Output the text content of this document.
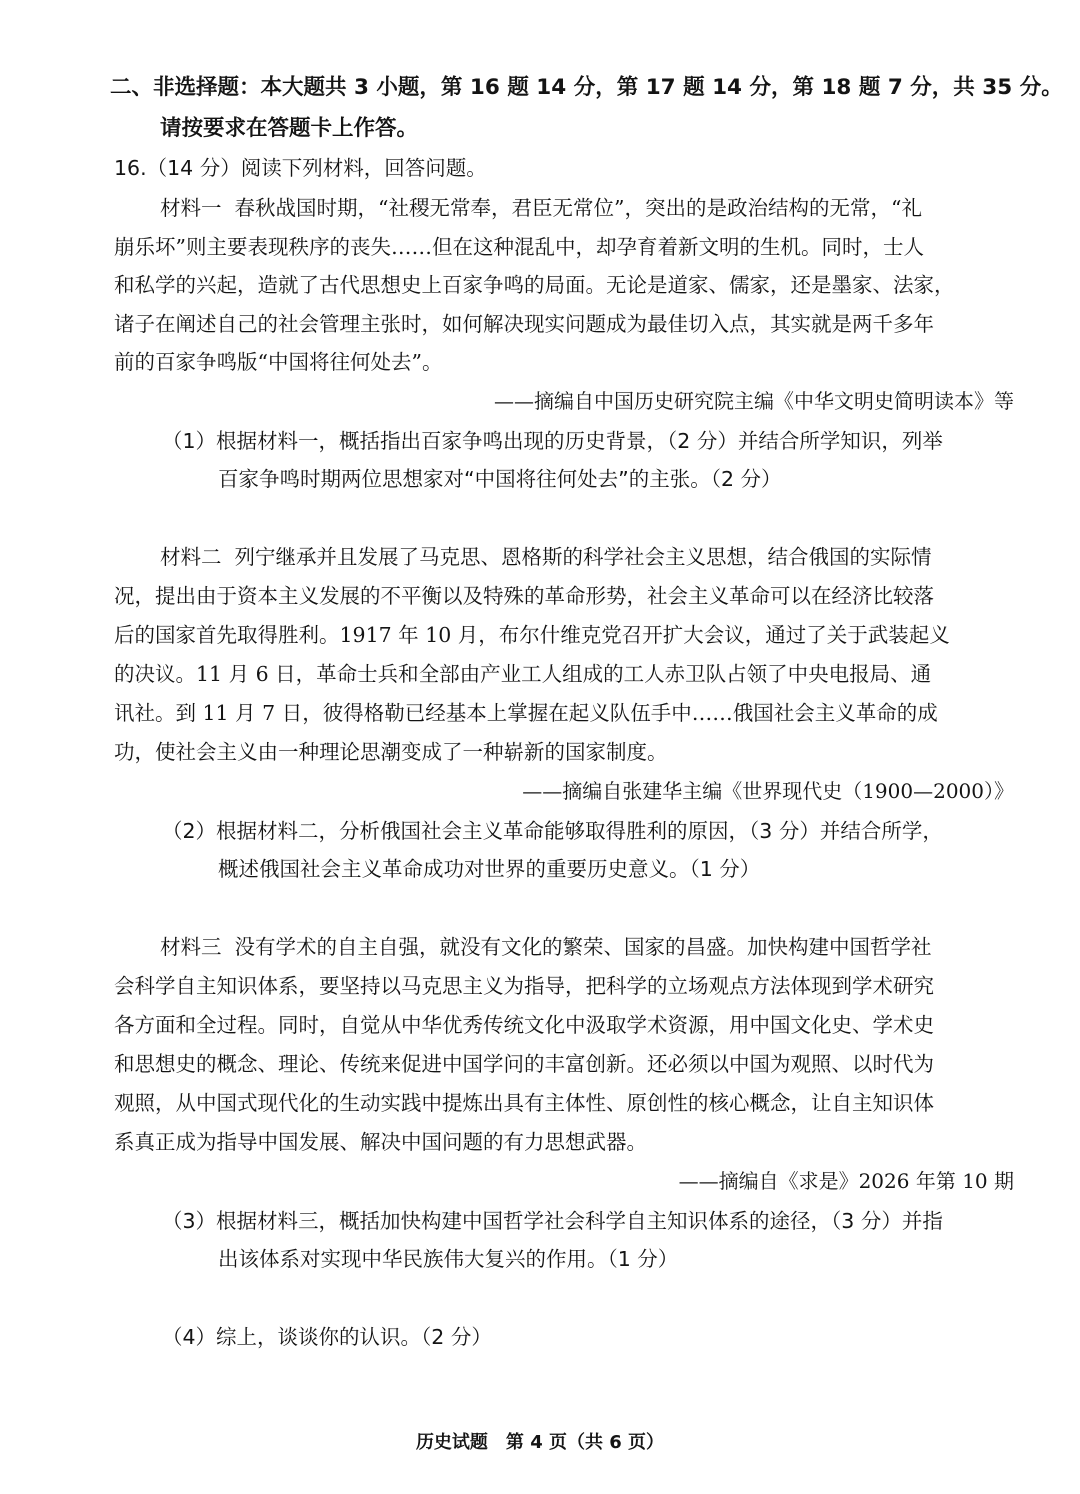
二、非选择题：本大题共 3 小题，第 16 题 14 分，第 17 题 14 分，第 18 题 7 分，共 35 分。
请按要求在答题卡上作答。
16.（14 分）阅读下列材料，回答问题。
材料一 春秋战国时期，“社稷无常奉，君臣无常位”，突出的是政治结构的无常，“礼
崩乐坏”则主要表现秩序的丧失……但在这种混乱中，却孕育着新文明的生机。同时，士人
和私学的兴起，造就了古代思想史上百家争鸣的局面。无论是道家、儒家，还是墨家、法家，
诸子在阐述自己的社会管理主张时，如何解决现实问题成为最佳切入点，其实就是两千多年
前的百家争鸣版“中国将往何处去”。
——摘编自中国历史研究院主编《中华文明史简明读本》等
（1）根据材料一，概括指出百家争鸣出现的历史背景，（2 分）并结合所学知识，列举
百家争鸣时期两位思想家对“中国将往何处去”的主张。（2 分）
材料二 列宁继承并且发展了马克思、恩格斯的科学社会主义思想，结合俄国的实际情
况，提出由于资本主义发展的不平衡以及特殊的革命形势，社会主义革命可以在经济比较落
后的国家首先取得胜利。1917 年 10 月，布尔什维克党召开扩大会议，通过了关于武装起义
的决议。11 月 6 日，革命士兵和全部由产业工人组成的工人赤卫队占领了中央电报局、通
讯社。到 11 月 7 日，彼得格勒已经基本上掌握在起义队伍手中……俄国社会主义革命的成
功，使社会主义由一种理论思潮变成了一种崭新的国家制度。
——摘编自张建华主编《世界现代史（1900—2000）》
（2）根据材料二，分析俄国社会主义革命能够取得胜利的原因，（3 分）并结合所学，
概述俄国社会主义革命成功对世界的重要历史意义。（1 分）
材料三 没有学术的自主自强，就没有文化的繁荣、国家的昌盛。加快构建中国哲学社
会科学自主知识体系，要坚持以马克思主义为指导，把科学的立场观点方法体现到学术研究
各方面和全过程。同时，自觉从中华优秀传统文化中汲取学术资源，用中国文化史、学术史
和思想史的概念、理论、传统来促进中国学问的丰富创新。还必须以中国为观照、以时代为
观照，从中国式现代化的生动实践中提炼出具有主体性、原创性的核心概念，让自主知识体
系真正成为指导中国发展、解决中国问题的有力思想武器。
——摘编自《求是》2026 年第 10 期
（3）根据材料三，概括加快构建中国哲学社会科学自主知识体系的途径，（3 分）并指
出该体系对实现中华民族伟大复兴的作用。（1 分）
（4）综上，谈谈你的认识。（2 分）
历史试题　第 4 页（共 6 页）
